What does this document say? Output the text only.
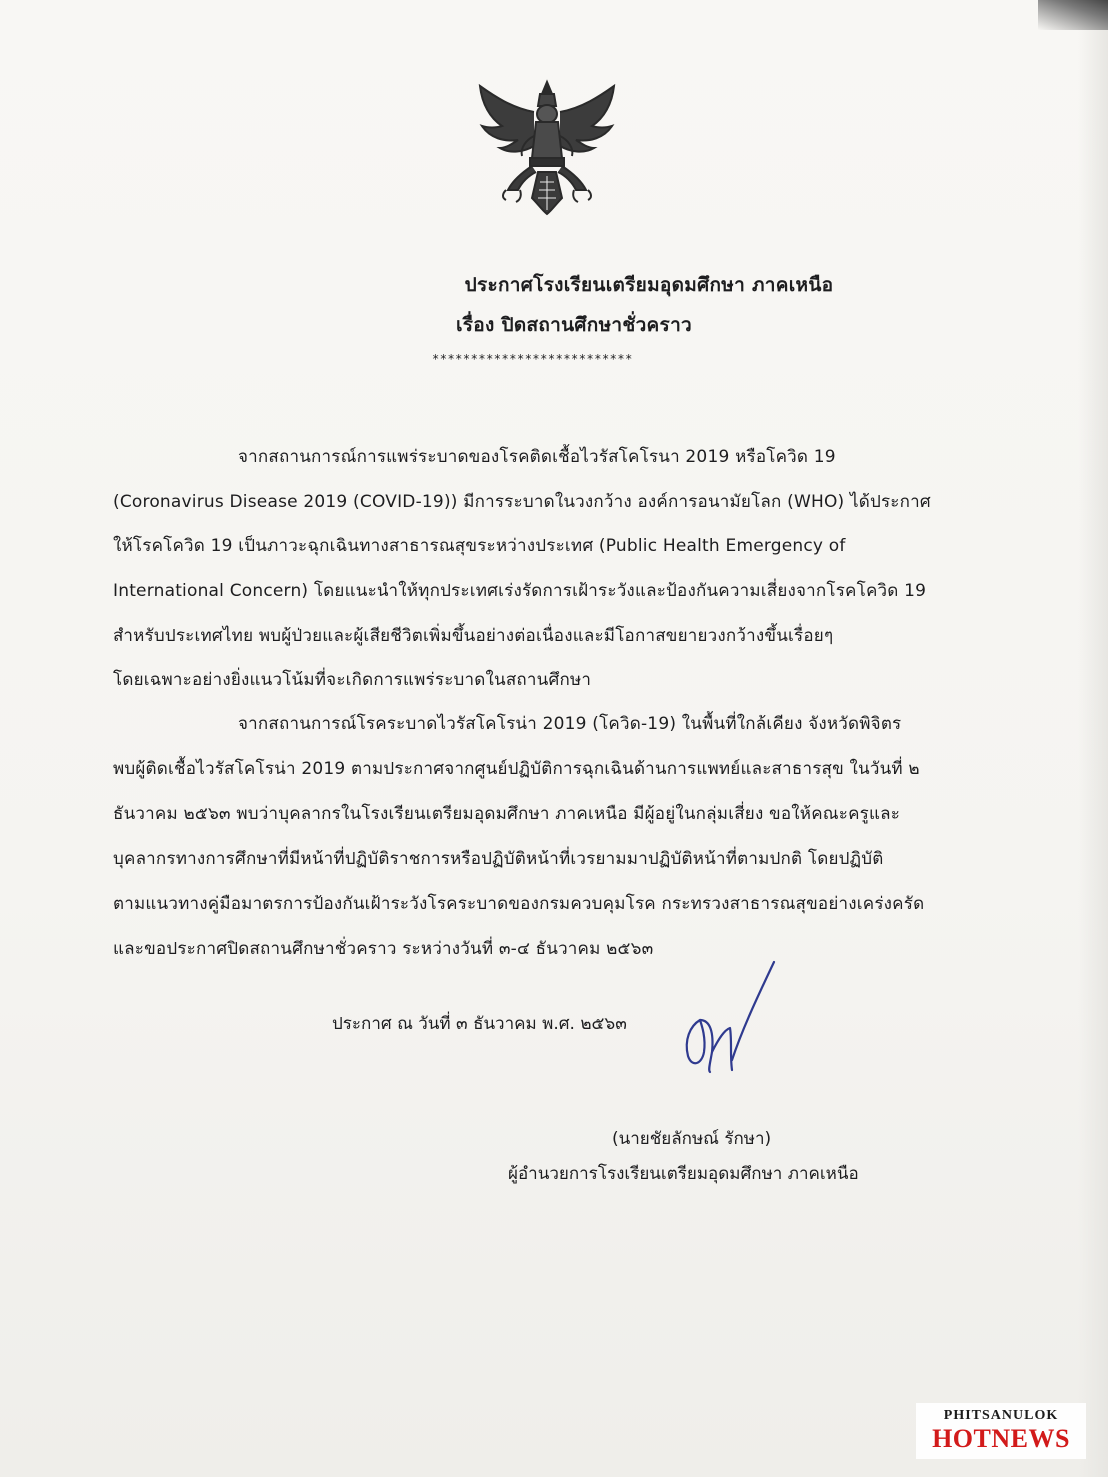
ประกาศโรงเรียนเตรียมอุดมศึกษา ภาคเหนือ
เรื่อง ปิดสถานศึกษาชั่วคราว
**************************
จากสถานการณ์การแพร่ระบาดของโรคติดเชื้อไวรัสโคโรนา 2019 หรือโควิด 19
(Coronavirus Disease 2019 (COVID-19)) มีการระบาดในวงกว้าง องค์การอนามัยโลก (WHO) ได้ประกาศ
ให้โรคโควิด 19 เป็นภาวะฉุกเฉินทางสาธารณสุขระหว่างประเทศ (Public Health Emergency of
International Concern) โดยแนะนำให้ทุกประเทศเร่งรัดการเฝ้าระวังและป้องกันความเสี่ยงจากโรคโควิด 19
สำหรับประเทศไทย พบผู้ป่วยและผู้เสียชีวิตเพิ่มขึ้นอย่างต่อเนื่องและมีโอกาสขยายวงกว้างขึ้นเรื่อยๆ
โดยเฉพาะอย่างยิ่งแนวโน้มที่จะเกิดการแพร่ระบาดในสถานศึกษา
จากสถานการณ์โรคระบาดไวรัสโคโรน่า 2019 (โควิด-19) ในพื้นที่ใกล้เคียง จังหวัดพิจิตร
พบผู้ติดเชื้อไวรัสโคโรน่า 2019 ตามประกาศจากศูนย์ปฏิบัติการฉุกเฉินด้านการแพทย์และสาธารสุข ในวันที่ ๒
ธันวาคม ๒๕๖๓ พบว่าบุคลากรในโรงเรียนเตรียมอุดมศึกษา ภาคเหนือ มีผู้อยู่ในกลุ่มเสี่ยง ขอให้คณะครูและ
บุคลากรทางการศึกษาที่มีหน้าที่ปฏิบัติราชการหรือปฏิบัติหน้าที่เวรยามมาปฏิบัติหน้าที่ตามปกติ โดยปฏิบัติ
ตามแนวทางคู่มือมาตรการป้องกันเฝ้าระวังโรคระบาดของกรมควบคุมโรค กระทรวงสาธารณสุขอย่างเคร่งครัด
และขอประกาศปิดสถานศึกษาชั่วคราว ระหว่างวันที่ ๓-๔ ธันวาคม ๒๕๖๓
ประกาศ ณ วันที่ ๓ ธันวาคม พ.ศ. ๒๕๖๓
(นายชัยลักษณ์ รักษา)
ผู้อำนวยการโรงเรียนเตรียมอุดมศึกษา ภาคเหนือ
PHITSANULOK
HOTNEWS
